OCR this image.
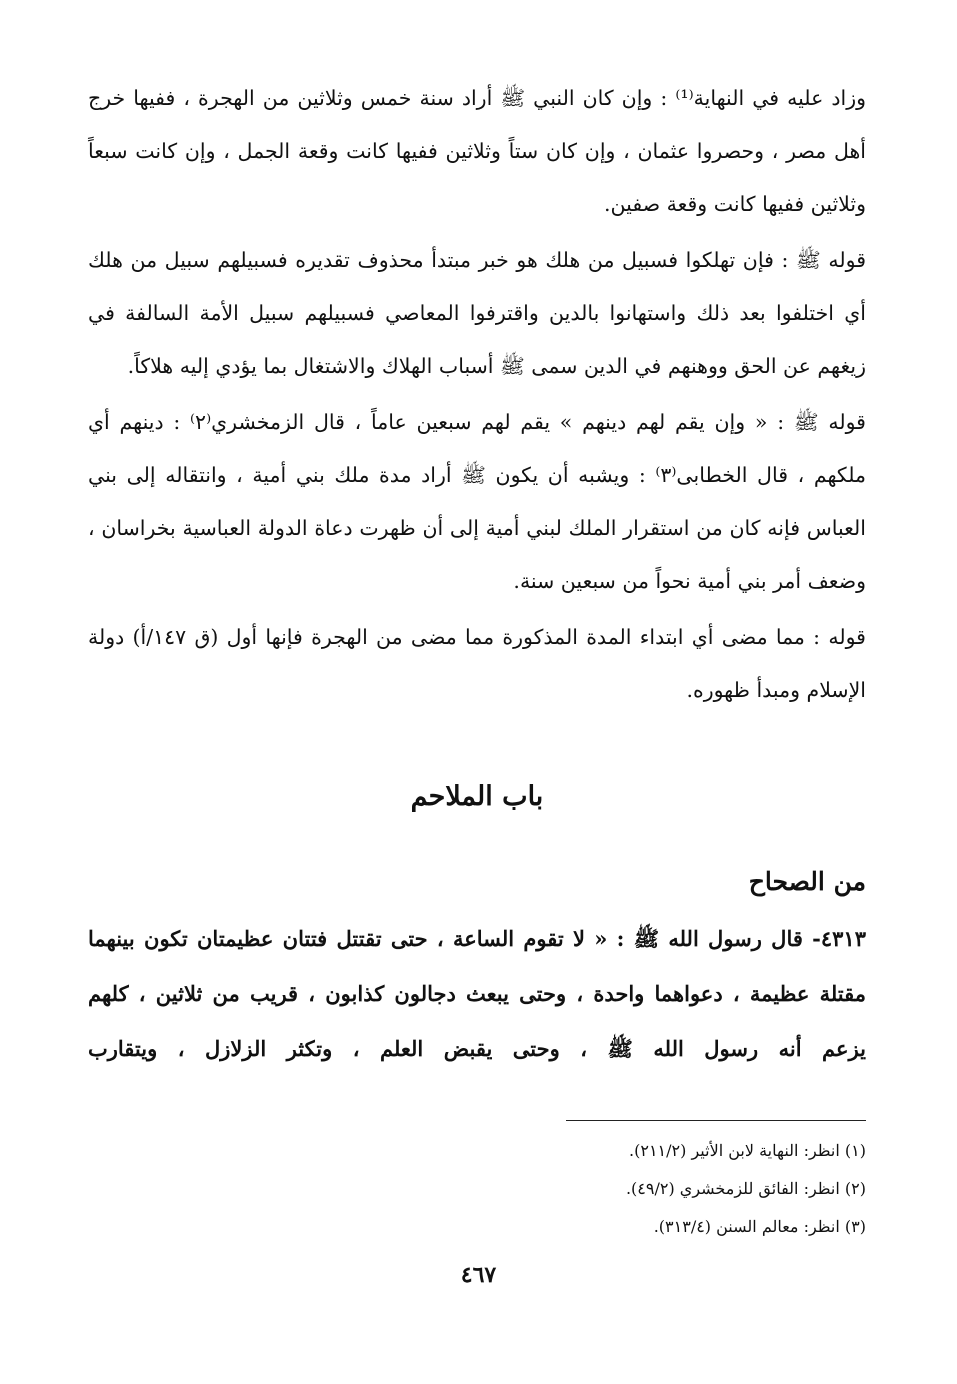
وزاد عليه في النهاية⁽¹⁾ : وإن كان النبي ﷺ أراد سنة خمس وثلاثين من الهجرة ، ففيها خرج أهل مصر ، وحصروا عثمان ، وإن كان ستاً وثلاثين ففيها كانت وقعة الجمل ، وإن كانت سبعاً وثلاثين ففيها كانت وقعة صفين.

قوله ﷺ : فإن تهلكوا فسبيل من هلك هو خبر مبتدأ محذوف تقديره فسبيلهم سبيل من هلك أي اختلفوا بعد ذلك واستهانوا بالدين واقترفوا المعاصي فسبيلهم سبيل الأمة السالفة في زيغهم عن الحق ووهنهم في الدين سمى ﷺ أسباب الهلاك والاشتغال بما يؤدي إليه هلاكاً.

قوله ﷺ : « وإن يقم لهم دينهم » يقم لهم سبعين عاماً ، قال الزمخشري⁽٢⁾ : دينهم أي ملكهم ، قال الخطابى⁽٣⁾ : ويشبه أن يكون ﷺ أراد مدة ملك بني أمية ، وانتقاله إلى بني العباس فإنه كان من استقرار الملك لبني أمية إلى أن ظهرت دعاة الدولة العباسية بخراسان ، وضعف أمر بني أمية نحواً من سبعين سنة.

قوله : مما مضى أي ابتداء المدة المذكورة مما مضى من الهجرة فإنها أول (ق ١٤٧/أ) دولة الإسلام ومبدأ ظهوره.

باب الملاحم
من الصحاح

٤٣١٣- قال رسول الله ﷺ : « لا تقوم الساعة ، حتى تقتتل فتتان عظيمتان تكون بينهما مقتلة عظيمة ، دعواهما واحدة ، وحتى يبعث دجالون كذابون ، قريب من ثلاثين ، كلهم يزعم أنه رسول الله ﷺ ، وحتى يقبض العلم ، وتكثر الزلازل ، ويتقارب

(١) انظر: النهاية لابن الأثير (٢١١/٢).
(٢) انظر: الفائق للزمخشري (٤٩/٢).
(٣) انظر: معالم السنن (٣١٣/٤).
٤٦٧
